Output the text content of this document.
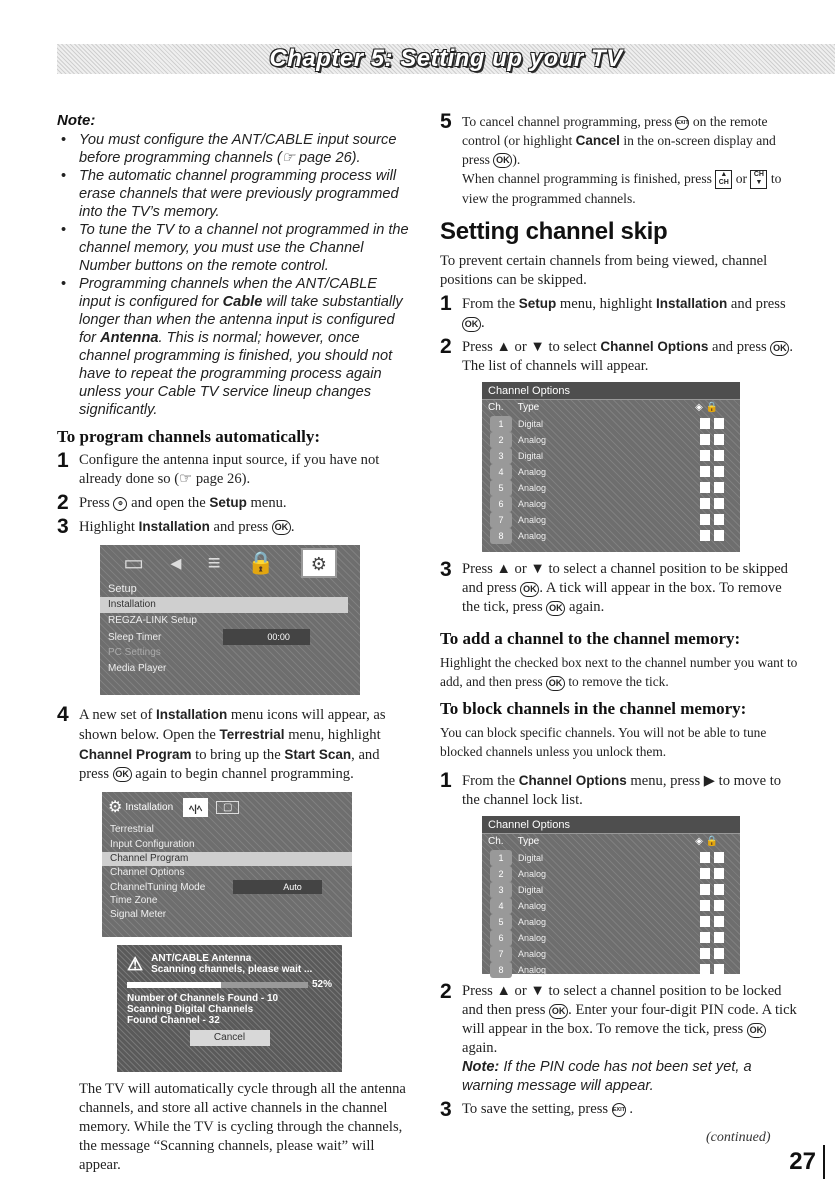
Chapter 5: Setting up your TV
Note:
• You must configure the ANT/CABLE input source before programming channels (☞ page 26).
• The automatic channel programming process will erase channels that were previously programmed into the TV’s memory.
• To tune the TV to a channel not programmed in the channel memory, you must use the Channel Number buttons on the remote control.
• Programming channels when the ANT/CABLE input is configured for Cable will take substantially longer than when the antenna input is configured for Antenna. This is normal; however, once channel programming is finished, you should not have to repeat the programming process again unless your Cable TV service lineup changes significantly.
To program channels automatically:
1 Configure the antenna input source, if you have not already done so (☞ page 26).
2 Press ⚙ and open the Setup menu.
3 Highlight Installation and press OK .
▭ ◂ ≡ 🔒	⚙
Setup
Installation
REGZA-LINK Setup
Sleep Timer	00:00
PC Settings
Media Player
4 A new set of Installation menu icons will appear, as shown below. Open the Terrestrial menu, highlight Channel Program to bring up the Start Scan, and press OK again to begin channel programming.
⚙ Installation	ﾍ|ﾍ	▢
Terrestrial
Input Configuration
Channel Program
Channel Options
ChannelTuning Mode	Auto
Time Zone
Signal Meter
⚠ ANT/CABLE Antenna
Scanning channels, please wait ...
52%
Number of Channels Found - 10
Scanning Digital Channels
Found Channel - 32
Cancel
The TV will automatically cycle through all the antenna channels, and store all active channels in the channel memory. While the TV is cycling through the channels, the message “Scanning channels, please wait” will appear.
5 To cancel channel programming, press EXIT on the remote control (or highlight Cancel in the on-screen display and press OK ).
When channel programming is finished, press ▲
CH or CH
▼ to view the programmed channels.
Setting channel skip
To prevent certain channels from being viewed, channel positions can be skipped.
1 From the Setup menu, highlight Installation and press OK .
2 Press ▲ or ▼ to select Channel Options and press OK . The list of channels will appear.
Channel Options
Ch. Type	◈ 🔒
1	Digital
2	Analog
3	Digital
4	Analog
5	Analog
6	Analog
7	Analog
8	Analog
3 Press ▲ or ▼ to select a channel position to be skipped and press OK . A tick will appear in the box. To remove the tick, press OK again.
To add a channel to the channel memory:
Highlight the checked box next to the channel number you want to add, and then press OK to remove the tick.
To block channels in the channel memory:
You can block specific channels. You will not be able to tune blocked channels unless you unlock them.
1 From the Channel Options menu, press ▶ to move to the channel lock list.
Channel Options
Ch. Type	◈ 🔒
1	Digital
2	Analog
3	Digital
4	Analog
5	Analog
6	Analog
7	Analog
8	Analog
2 Press ▲ or ▼ to select a channel position to be locked and then press OK . Enter your four-digit PIN code. A tick will appear in the box. To remove the tick, press OK again.
Note: If the PIN code has not been set yet, a warning message will appear.
3 To save the setting, press EXIT .
(continued)
27
